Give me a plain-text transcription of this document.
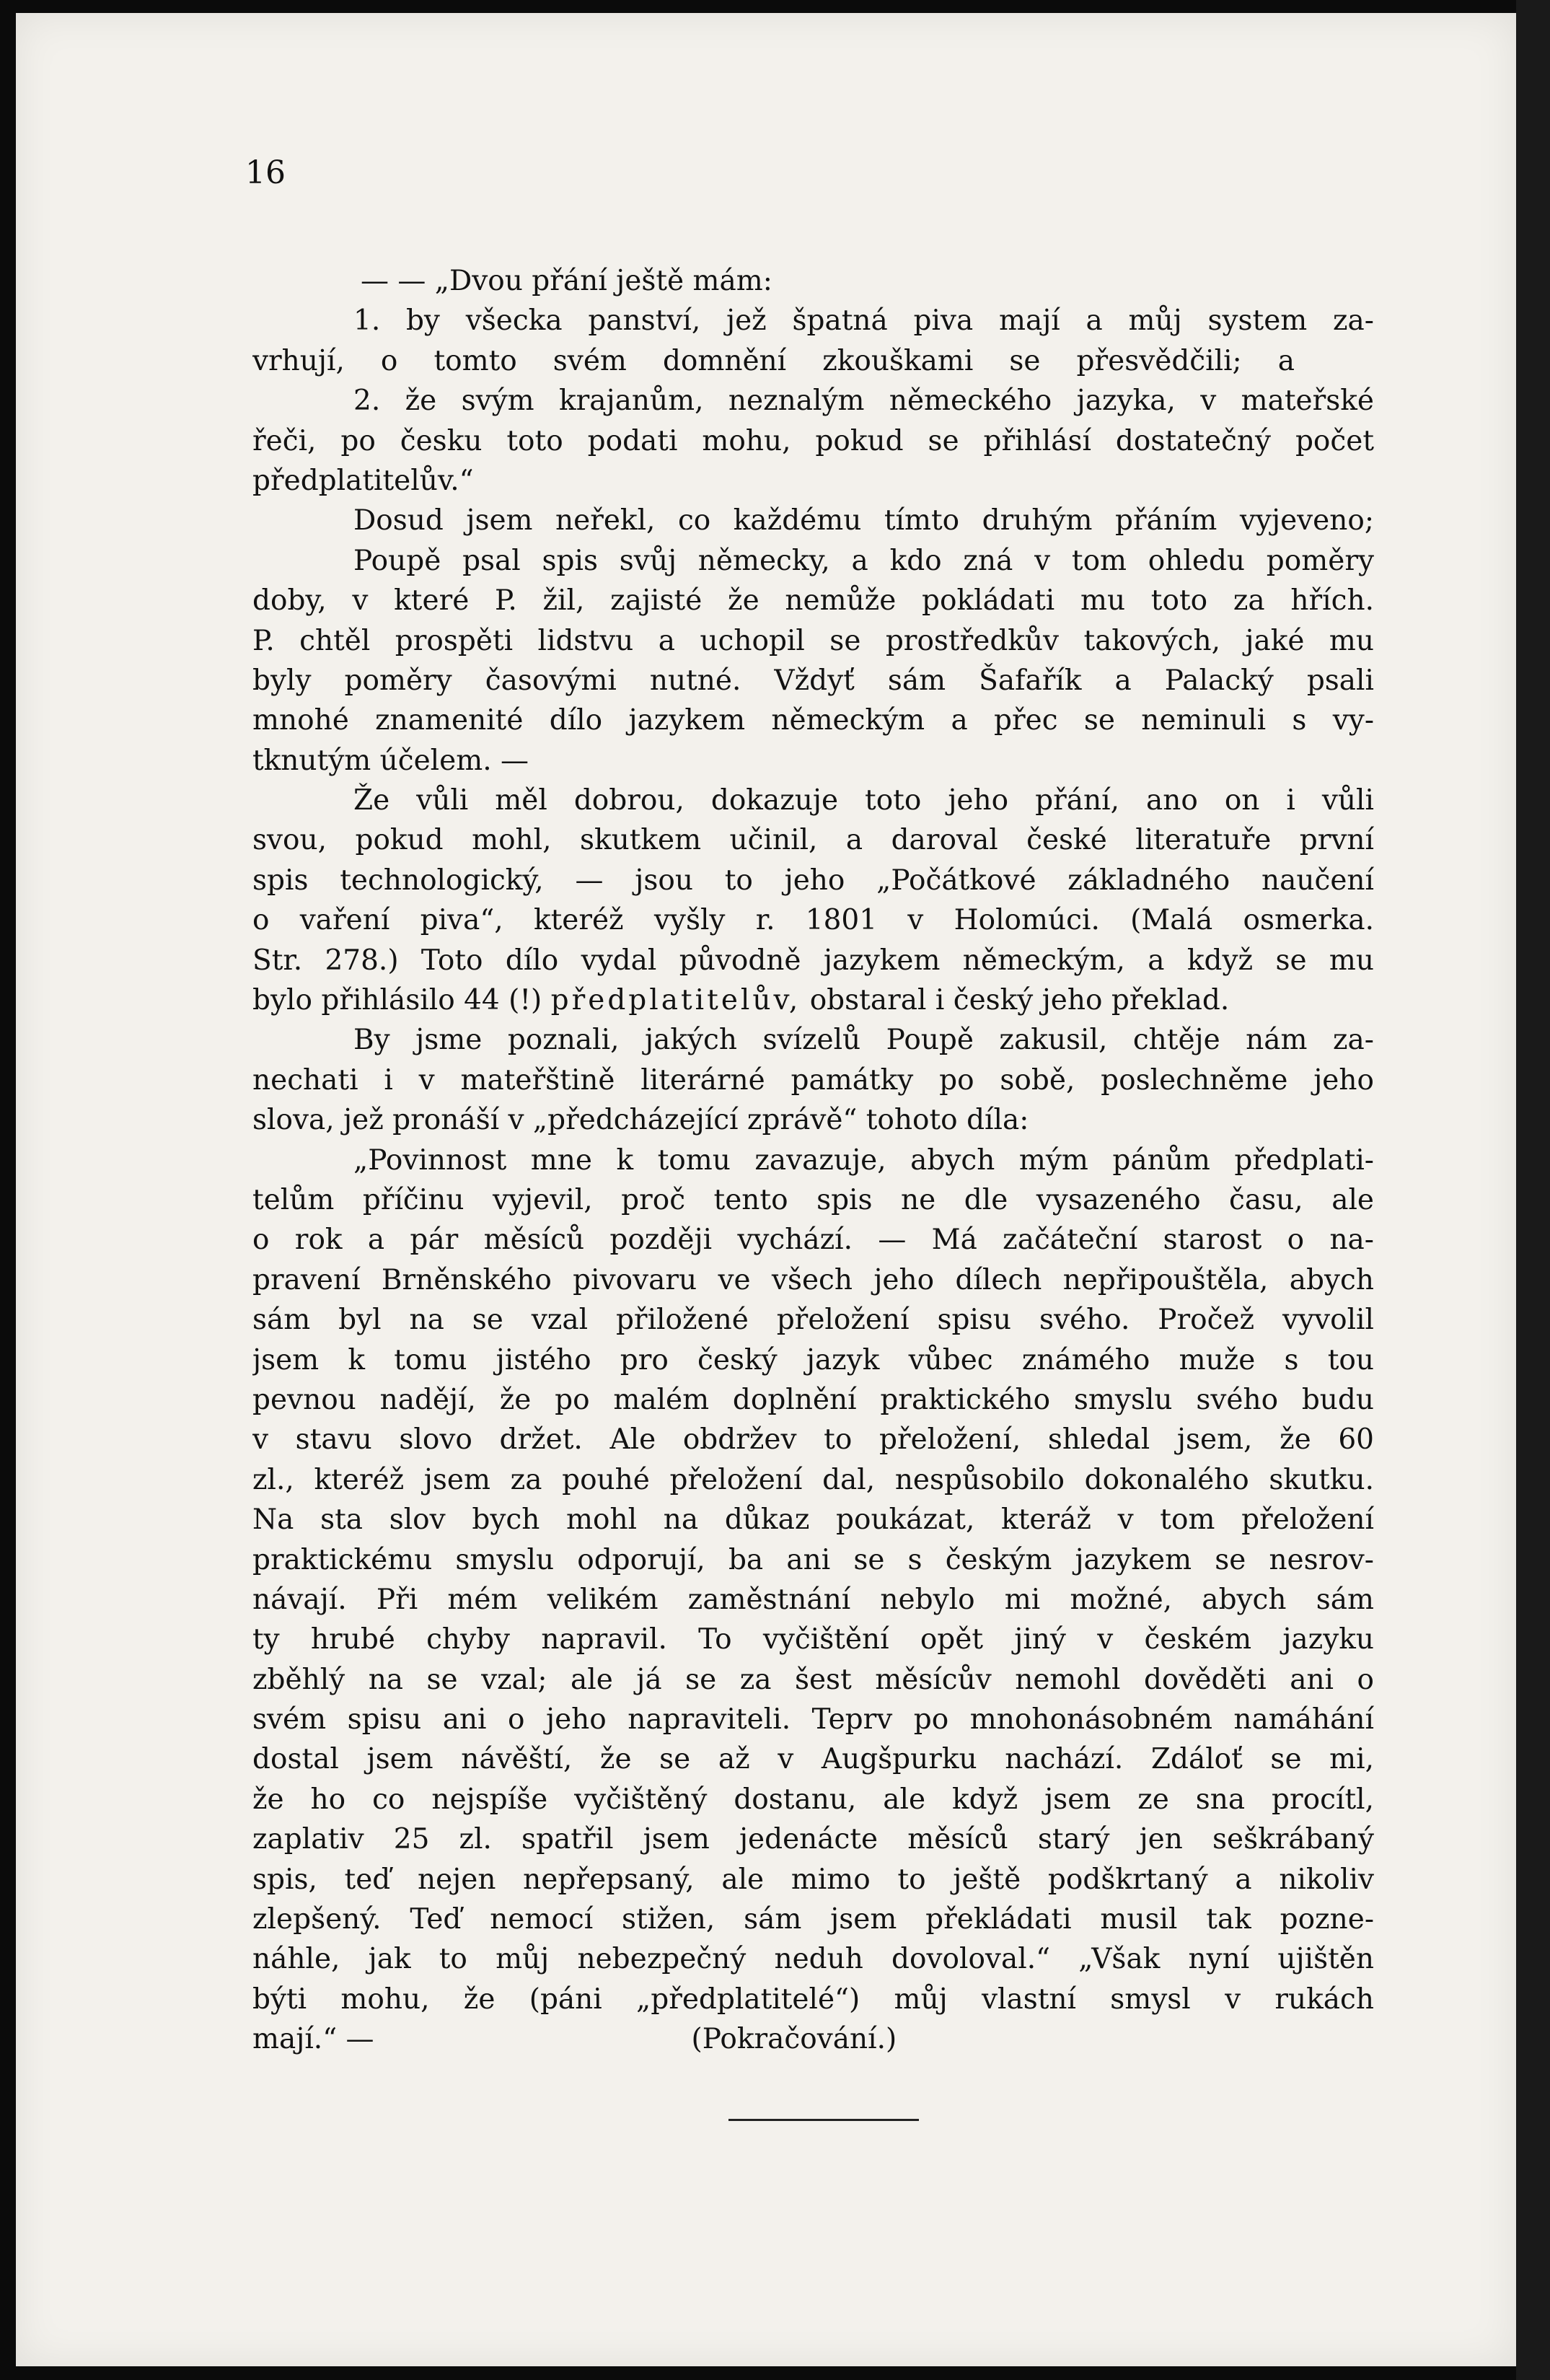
16

— — „Dvou přání ještě mám:
1. by všecka panství, jež špatná piva mají a můj system za-
vrhují, o tomto svém domnění zkouškami se přesvědčili; a
2. že svým krajanům, neznalým německého jazyka, v mateřské
řeči, po česku toto podati mohu, pokud se přihlásí dostatečný počet
předplatitelův.“
Dosud jsem neřekl, co každému tímto druhým přáním vyjeveno;
Poupě psal spis svůj německy, a kdo zná v tom ohledu poměry
doby, v které P. žil, zajisté že nemůže pokládati mu toto za hřích.
P. chtěl prospěti lidstvu a uchopil se prostředkův takových, jaké mu
byly poměry časovými nutné. Vždyť sám Šafařík a Palacký psali
mnohé znamenité dílo jazykem německým a přec se neminuli s vy-
tknutým účelem. —
Že vůli měl dobrou, dokazuje toto jeho přání, ano on i vůli
svou, pokud mohl, skutkem učinil, a daroval české literatuře první
spis technologický, — jsou to jeho „Počátkové základného naučení
o vaření piva“, kteréž vyšly r. 1801 v Holomúci. (Malá osmerka.
Str. 278.) Toto dílo vydal původně jazykem německým, a když se mu
bylo přihlásilo 44 (!) předplatitelův, obstaral i český jeho překlad.
By jsme poznali, jakých svízelů Poupě zakusil, chtěje nám za-
nechati i v mateřštině literárné památky po sobě, poslechněme jeho
slova, jež pronáší v „předcházející zprávě“ tohoto díla:
„Povinnost mne k tomu zavazuje, abych mým pánům předplati-
telům příčinu vyjevil, proč tento spis ne dle vysazeného času, ale
o rok a pár měsíců později vychází. — Má začáteční starost o na-
pravení Brněnského pivovaru ve všech jeho dílech nepřipouštěla, abych
sám byl na se vzal přiložené přeložení spisu svého. Pročež vyvolil
jsem k tomu jistého pro český jazyk vůbec známého muže s tou
pevnou nadějí, že po malém doplnění praktického smyslu svého budu
v stavu slovo držet. Ale obdržev to přeložení, shledal jsem, že 60
zl., kteréž jsem za pouhé přeložení dal, nespůsobilo dokonalého skutku.
Na sta slov bych mohl na důkaz poukázat, kteráž v tom přeložení
praktickému smyslu odporují, ba ani se s českým jazykem se nesrov-
návají. Při mém velikém zaměstnání nebylo mi možné, abych sám
ty hrubé chyby napravil. To vyčištění opět jiný v českém jazyku
zběhlý na se vzal; ale já se za šest měsícův nemohl dověděti ani o
svém spisu ani o jeho napraviteli. Teprv po mnohonásobném namáhání
dostal jsem návěští, že se až v Augšpurku nachází. Zdáloť se mi,
že ho co nejspíše vyčištěný dostanu, ale když jsem ze sna procítl,
zaplativ 25 zl. spatřil jsem jedenácte měsíců starý jen seškrábaný
spis, teď nejen nepřepsaný, ale mimo to ještě podškrtaný a nikoliv
zlepšený. Teď nemocí stižen, sám jsem překládati musil tak pozne-
náhle, jak to můj nebezpečný neduh dovoloval.“ „Však nyní ujištěn
býti mohu, že (páni „předplatitelé“) můj vlastní smysl v rukách
mají.“ —	(Pokračování.)
